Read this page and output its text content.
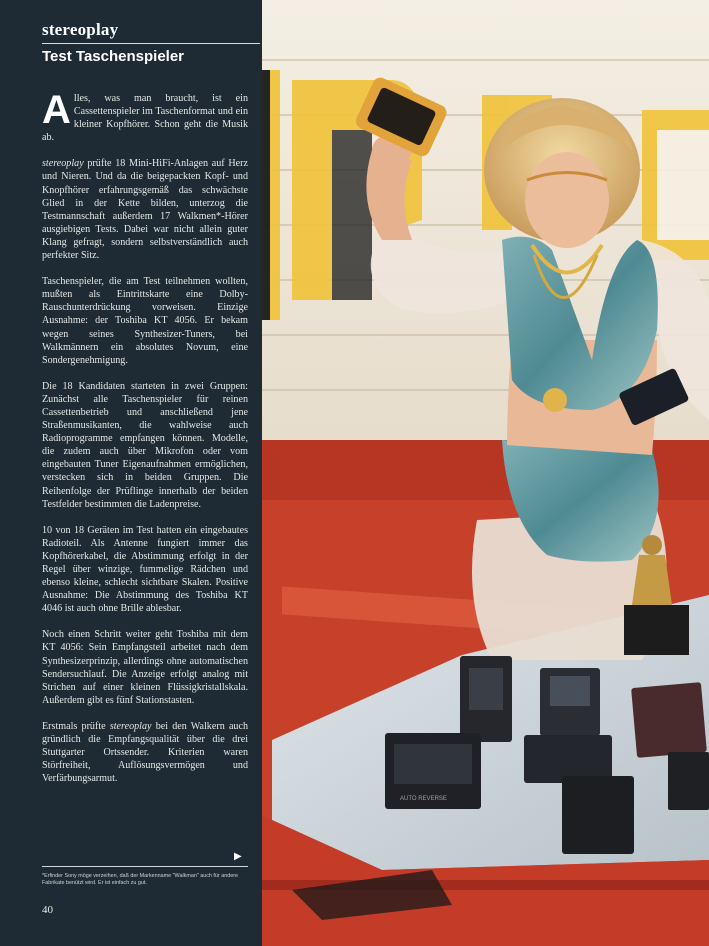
stereoplay
Test Taschenspieler

Alles, was man braucht, ist ein Cassettenspieler im Taschenformat und ein kleiner Kopfhörer. Schon geht die Musik ab.

stereoplay prüfte 18 Mini-HiFi-Anlagen auf Herz und Nieren. Und da die beigepackten Kopf- und Knopfhörer erfahrungsgemäß das schwächste Glied in der Kette bilden, unterzog die Testmannschaft außerdem 17 Walkmen*-Hörer ausgiebigen Tests. Dabei war nicht allein guter Klang gefragt, sondern selbstverständlich auch perfekter Sitz.

Taschenspieler, die am Test teilnehmen wollten, mußten als Eintrittskarte eine Dolby-Rauschunterdrückung vorweisen. Einzige Ausnahme: der Toshiba KT 4056. Er bekam wegen seines Synthesizer-Tuners, bei Walkmännern ein absolutes Novum, eine Sondergenehmigung.

Die 18 Kandidaten starteten in zwei Gruppen: Zunächst alle Taschenspieler für reinen Cassettenbetrieb und anschließend jene Straßenmusikanten, die wahlweise auch Radioprogramme empfangen können. Modelle, die zudem auch über Mikrofon oder vom eingebauten Tuner Eigenaufnahmen ermöglichen, verstecken sich in beiden Gruppen. Die Reihenfolge der Prüflinge innerhalb der beiden Testfelder bestimmten die Ladenpreise.

10 von 18 Geräten im Test hatten ein eingebautes Radioteil. Als Antenne fungiert immer das Kopfhörerkabel, die Abstimmung erfolgt in der Regel über winzige, fummelige Rädchen und ebenso kleine, schlecht sichtbare Skalen. Positive Ausnahme: Die Abstimmung des Toshiba KT 4046 ist auch ohne Brille ablesbar.

Noch einen Schritt weiter geht Toshiba mit dem KT 4056: Sein Empfangsteil arbeitet nach dem Synthesizerprinzip, allerdings ohne automatischen Sendersuchlauf. Die Anzeige erfolgt analog mit Strichen auf einer kleinen Flüssigkristallskala. Außerdem gibt es fünf Stationstasten.

Erstmals prüfte stereoplay bei den Walkern auch gründlich die Empfangsqualität über die drei Stuttgarter Ortssender. Kriterien waren Störfreiheit, Auflösungsvermögen und Verfärbungsarmut.

▶
*Erfinder Sony möge verzeihen, daß der Markenname "Walkman" auch für andere Fabrikate benützt wird. Er ist einfach zu gut.
40
AUTO REVERSE
